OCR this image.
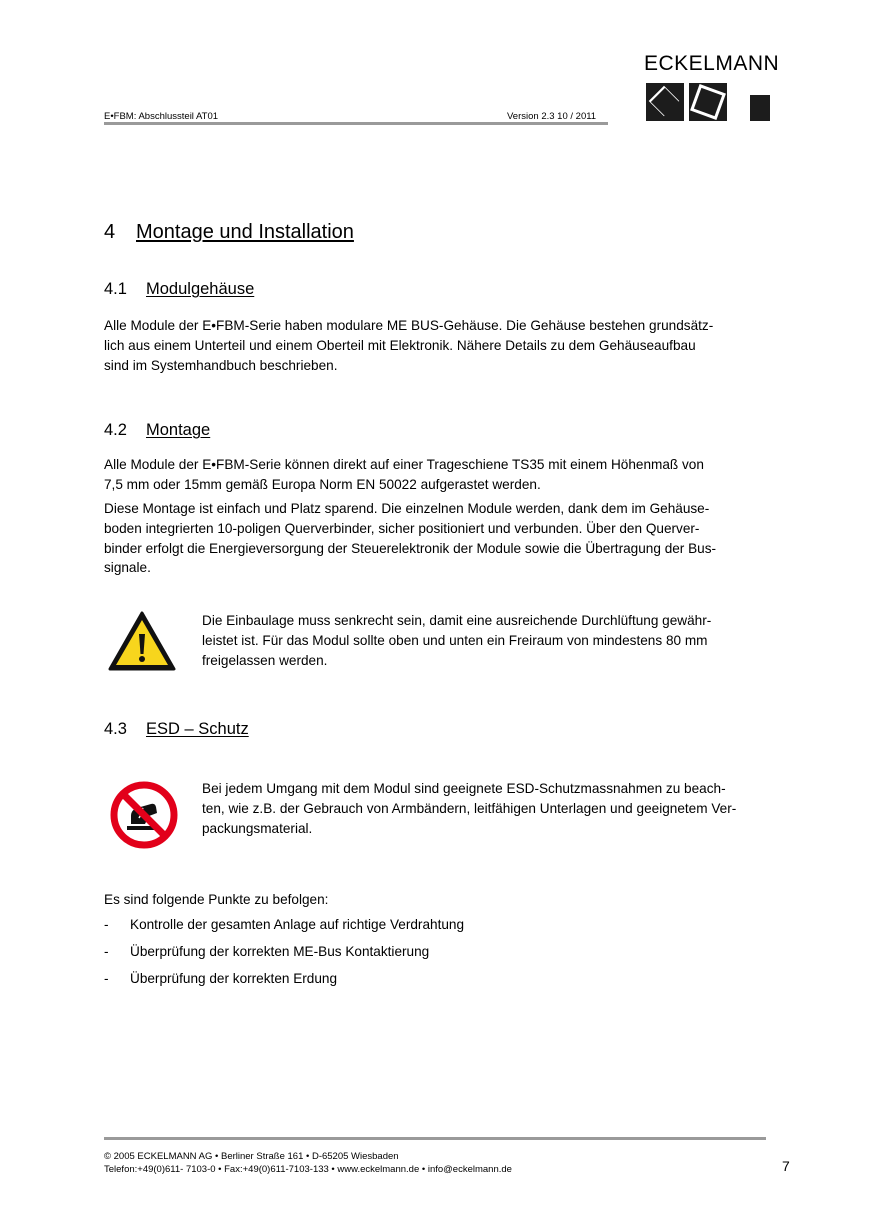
E•FBM: Abschlussteil AT01	Version 2.3 10 / 2011
ECKELMANN
4 Montage und Installation
4.1 Modulgehäuse

Alle Module der E•FBM-Serie haben modulare ME BUS-Gehäuse. Die Gehäuse bestehen grundsätz-

lich aus einem Unterteil und einem Oberteil mit Elektronik. Nähere Details zu dem Gehäuseaufbau

sind im Systemhandbuch beschrieben.

4.2 Montage

Alle Module der E•FBM-Serie können direkt auf einer Trageschiene TS35 mit einem Höhenmaß von

7,5 mm oder 15mm gemäß Europa Norm EN 50022 aufgerastet werden.

Diese Montage ist einfach und Platz sparend. Die einzelnen Module werden, dank dem im Gehäuse-

boden integrierten 10-poligen Querverbinder, sicher positioniert und verbunden. Über den Querver-

binder erfolgt die Energieversorgung der Steuerelektronik der Module sowie die Übertragung der Bus-

signale.

Die Einbaulage muss senkrecht sein, damit eine ausreichende Durchlüftung gewähr-

leistet ist. Für das Modul sollte oben und unten ein Freiraum von mindestens 80 mm

freigelassen werden.

4.3 ESD – Schutz

Bei jedem Umgang mit dem Modul sind geeignete ESD-Schutzmassnahmen zu beach-

ten, wie z.B. der Gebrauch von Armbändern, leitfähigen Unterlagen und geeignetem Ver-

packungsmaterial.

Es sind folgende Punkte zu befolgen:

- Kontrolle der gesamten Anlage auf richtige Verdrahtung
- Überprüfung der korrekten ME-Bus Kontaktierung
- Überprüfung der korrekten Erdung
© 2005 ECKELMANN AG • Berliner Straße 161 • D-65205 Wiesbaden
Telefon:+49(0)611- 7103-0 • Fax:+49(0)611-7103-133 • www.eckelmann.de • info@eckelmann.de	7
